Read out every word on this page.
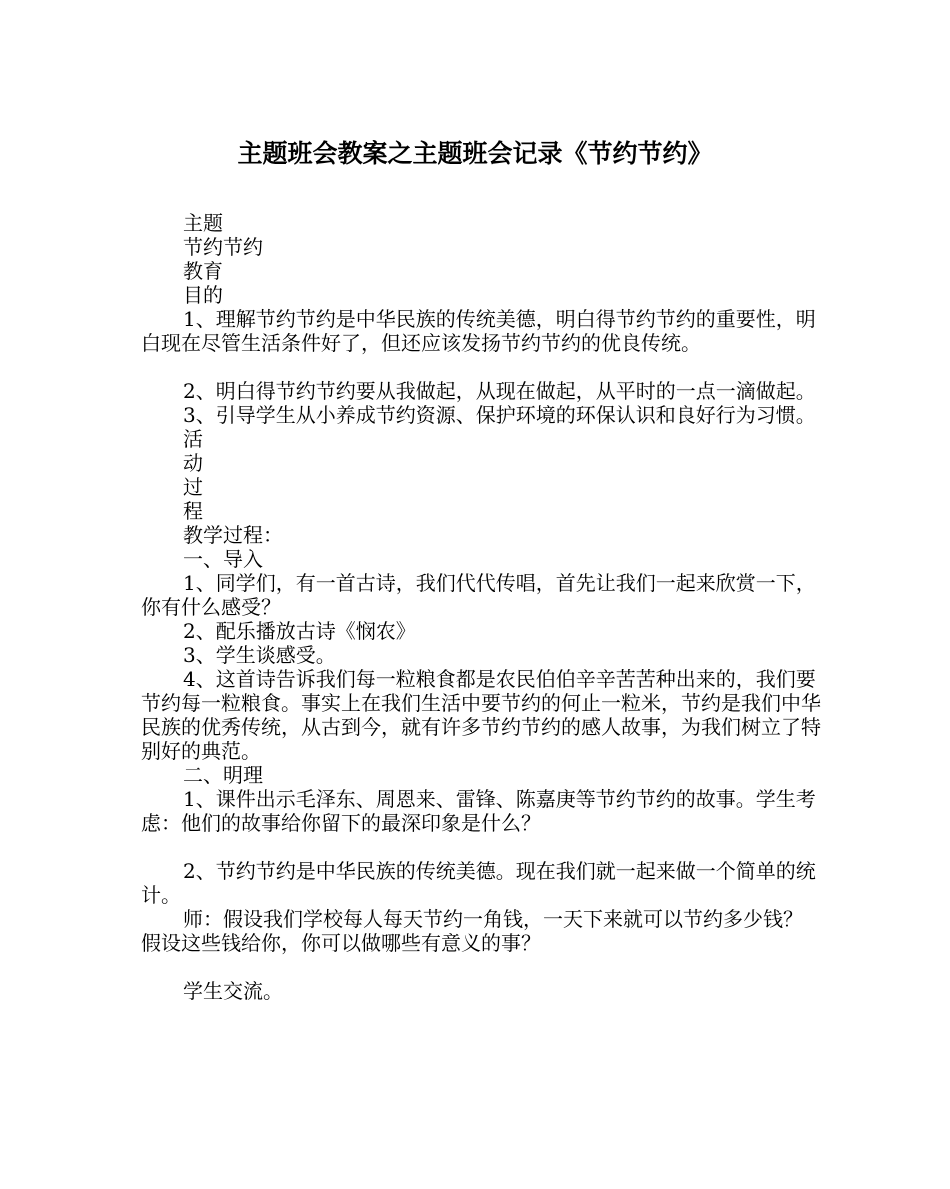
主题班会教案之主题班会记录《节约节约》

主题

节约节约

教育

目的

1、理解节约节约是中华民族的传统美德，明白得节约节约的重要性，明白现在尽管生活条件好了，但还应该发扬节约节约的优良传统。

2、明白得节约节约要从我做起，从现在做起，从平时的一点一滴做起。

3、引导学生从小养成节约资源、保护环境的环保认识和良好行为习惯。

活

动

过

程

教学过程：

一、导入

1、同学们，有一首古诗，我们代代传唱，首先让我们一起来欣赏一下，你有什么感受？

2、配乐播放古诗《悯农》

3、学生谈感受。

4、这首诗告诉我们每一粒粮食都是农民伯伯辛辛苦苦种出来的，我们要节约每一粒粮食。事实上在我们生活中要节约的何止一粒米，节约是我们中华民族的优秀传统，从古到今，就有许多节约节约的感人故事，为我们树立了特别好的典范。

二、明理

1、课件出示毛泽东、周恩来、雷锋、陈嘉庚等节约节约的故事。学生考虑：他们的故事给你留下的最深印象是什么？

2、节约节约是中华民族的传统美德。现在我们就一起来做一个简单的统计。

师：假设我们学校每人每天节约一角钱，一天下来就可以节约多少钱？假设这些钱给你，你可以做哪些有意义的事？

学生交流。
